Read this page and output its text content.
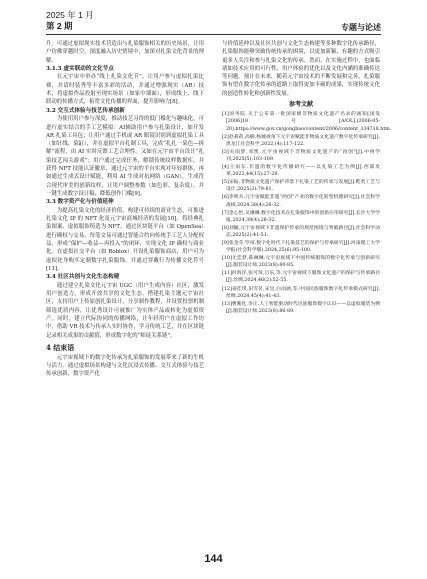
2025 年 1 月
第 2 期	专题与论述

升。可通过虚拟现实技术营造出与扎染服饰相关的历史场景，让用户仿佛穿越时空，深度融入历史情境中，加深对扎染文化背景的理解。

3.1.3 虚实联动的文化节点

在元宇宙中举办“线上扎染文化节”，让用户参与虚拟扎染比赛，并请时装秀等丰富多彩的活动，并通过增强现实（AR）技术，将虚拟作品投射至现实场景（如家中墙面），形成线上、线下联动的传播方式，拓宽文化传播的界面，提升影响力[8]。

3.2 交互式体验与技艺传承创新

为使用用户参与深度，推动技艺习得的低门槛化与趣味化，可进行虚实结合的手工艺模拟：AI辅助用户参与扎染设计，如开发 AR 扎染工具包；让用户通过手机或 AR 眼镜识别到虚拟扎染工具（如针线、染缸），并在虚拟平台扎制工具，完成“扎扎一染色—拆解”流程，由 AI 实时反馈工艺合理性。又如在元宇宙平台设计“扎染技艺闯关游戏”；用户通过完成任务，解锁传统纹样数据库，并获得 NFT 技能认证徽章，通过元宇宙的平台实现对年轻群体。再如通过生成式设计赋能，利用 AI 生成对抗网络（GAN），生成符合现代审美的创新纹样，让用户调整参数（如色彩、复杂度），并一键生成数字设计稿，降低创作门槛[9]。

3.3 数字资产化与价值延伸

为提高扎染文化的经济价值，构建可持续的商业生态，可推进扎染文化 IP 的 NFT 化及元宇宙商城经济的发展[10]。将经典扎染图案、虚拟服饰铸造为 NFT，通过区块链平台（如 OpenSea）进行确权与交易。每笔交易可通过智能合约向传统手工艺人分配权益，形成“保护—收益—再投入”的闭环，实现文化 IP 确权与商业化。在虚拟社交平台（如 Roblox）开设扎染服饰商店，用户可为虚拟化身购买定制数字扎染服饰，并通过穿戴行为传播文化符号[11]。

3.4 社区共创与文化生态构建

通过建立扎染文化元宇宙 UGC（用户生成内容）社区，激发用户创造力，形成开放共享的文化生态。搭建扎染主题元宇宙社区，支持用户上传原创扎染设计，分享制作教程，并设置投票机制筛选优质内容，让优秀设计可被推广为实体产品或转化为虚拟资产。同时，建立代际协同的传播网络，让年轻用户在虚拟工作坊中，借助 VR 技术与传承人实时协作，学习传统工艺，并在区块链记录相关成果的贡献值，形成数字化的“师徒关系链”。

4 结束语

元宇宙视域下的数字化传承为扎染服饰的发展带来了新的生机与活力。通过虚拟场景构建与文化沉浸式传播、交互式体验与技艺传承创新、数字资产化

与价值延伸以及社区共创与文化生态构建等多种数字化传承路径，扎染服饰能够突破传统传承的困境，以更加新颖、有趣的方式吸引更多人关注和参与扎染文化的传承。然而，在实施过程中，也面临诸如技术应用的可行性、用户体验的优化以及文化内涵的准确传达等问题。预计在未来，随着元宇宙技术的不断发展和完善，扎染服饰有望在数字化传承的道路上取得更加丰硕的成果，实现传统文化的创造性转化和创新性发展。

参考文献
[1]国务院.关于公布第一批国家级非物质文化遗产名录的通知[国发[2006]18号[A/OL].(2006-05-20).https://www.gov.cn/gongbao/content/2006/content_334718.htm.
[2]赵莉莉,高楠,杨城视角下元宇宙赋能非物质文化遗产数字化传承研究[J].黑龙江社会科学,2022,(4):117-122.
[3]关雨梦,邓凯.元宇宙视域下非物质文化遗产的“再创”[J].中州学刊,2025(5):103-109.
[4]王雨东.非遗的数字化传播研究——以扎染工艺为例[J].西部皮革,2022,44(15):27-29.
[5]宋振.非物质文化遗产保护背景下扎染工艺的传承与发展[J].鞋类工艺与设计,2025(2):79-81.
[6]李明兵.元宇宙赋能非遗“两创”产业的数字化转型机理研究[J].社会科学战线,2024,38(4):26-32.
[7]金心怡,吴琳琳.数字化技术在扎染服饰中的创新应用研究[J].长沙大学学报,2024,38(4):26-32.
[8]刘毓,元宇宙视域下非遗保护传承的规范困境与突破路径[J].社会科学动态,2025(2):41-51.
[9]张金芬,罗靖.数字化时代下扎染技艺的保护与传承研究[J].河南理工大学学报(社会科学版),2024,25(6):95-100.
[10]尤佳梦,陈琳琳.元宇宙视域下中国传统服饰的数字化传承与创新研究[J].服装设计师,2023(8):80-85.
[11]何海洋,张可珍,吕乐,等.元宇宙视域下服饰文化遗产的保护与传承路径[J].丝绸,2024,46(2):52-55.
[12]姜佳琪,田雪茗,宋昱,白雨涵,等.中国民族服饰数字化传承模式研究[J].丝绸,2024,45(4):41-43.
[13]曹紫化,李正.人工智能驱动时代民族服饰数字认识——以虚拟服装为例[J].服装设计师,2023(8):86-89.
144
